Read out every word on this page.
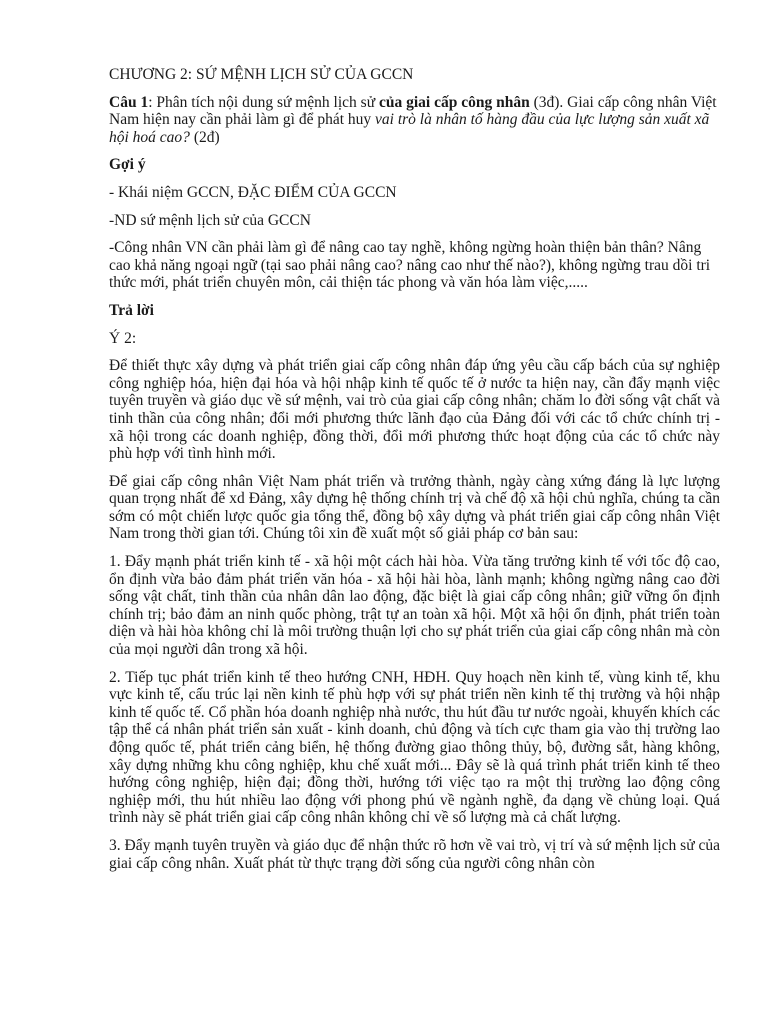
CHƯƠNG 2: SỨ MỆNH LỊCH SỬ CỦA GCCN

Câu 1: Phân tích nội dung sứ mệnh lịch sử của giai cấp công nhân (3đ). Giai cấp công nhân Việt Nam hiện nay cần phải làm gì để phát huy vai trò là nhân tố hàng đầu của lực lượng sản xuất xã hội hoá cao? (2đ)

Gợi ý

- Khái niệm GCCN, ĐẶC ĐIỂM CỦA GCCN

-ND sứ mệnh lịch sử của GCCN

-Công nhân VN cần phải làm gì để nâng cao tay nghề, không ngừng hoàn thiện bản thân? Nâng cao khả năng ngoại ngữ (tại sao phải nâng cao? nâng cao như thế nào?), không ngừng trau dồi tri thức mới, phát triển chuyên môn, cải thiện tác phong và văn hóa làm việc,.....

Trả lời

Ý 2:

Để thiết thực xây dựng và phát triển giai cấp công nhân đáp ứng yêu cầu cấp bách của sự nghiệp công nghiệp hóa, hiện đại hóa và hội nhập kinh tế quốc tế ở nước ta hiện nay, cần đẩy mạnh việc tuyên truyền và giáo dục về sứ mệnh, vai trò của giai cấp công nhân; chăm lo đời sống vật chất và tinh thần của công nhân; đổi mới phương thức lãnh đạo của Đảng đối với các tổ chức chính trị - xã hội trong các doanh nghiệp, đồng thời, đổi mới phương thức hoạt động của các tổ chức này phù hợp với tình hình mới.

Để giai cấp công nhân Việt Nam phát triển và trưởng thành, ngày càng xứng đáng là lực lượng quan trọng nhất để xd Đảng, xây dựng hệ thống chính trị và chế độ xã hội chủ nghĩa, chúng ta cần sớm có một chiến lược quốc gia tổng thể, đồng bộ xây dựng và phát triển giai cấp công nhân Việt Nam trong thời gian tới. Chúng tôi xin đề xuất một số giải pháp cơ bản sau:

1. Đẩy mạnh phát triển kinh tế - xã hội một cách hài hòa. Vừa tăng trưởng kinh tế với tốc độ cao, ổn định vừa bảo đảm phát triển văn hóa - xã hội hài hòa, lành mạnh; không ngừng nâng cao đời sống vật chất, tinh thần của nhân dân lao động, đặc biệt là giai cấp công nhân; giữ vững ổn định chính trị; bảo đảm an ninh quốc phòng, trật tự an toàn xã hội. Một xã hội ổn định, phát triển toàn diện và hài hòa không chỉ là môi trường thuận lợi cho sự phát triển của giai cấp công nhân mà còn của mọi người dân trong xã hội.

2. Tiếp tục phát triển kinh tế theo hướng CNH, HĐH. Quy hoạch nền kinh tế, vùng kinh tế, khu vực kinh tế, cấu trúc lại nền kinh tế phù hợp với sự phát triển nền kinh tế thị trường và hội nhập kinh tế quốc tế. Cổ phần hóa doanh nghiệp nhà nước, thu hút đầu tư nước ngoài, khuyến khích các tập thể cá nhân phát triển sản xuất - kinh doanh, chủ động và tích cực tham gia vào thị trường lao động quốc tế, phát triển cảng biển, hệ thống đường giao thông thủy, bộ, đường sắt, hàng không, xây dựng những khu công nghiệp, khu chế xuất mới... Đây sẽ là quá trình phát triển kinh tế theo hướng công nghiệp, hiện đại; đồng thời, hướng tới việc tạo ra một thị trường lao động công nghiệp mới, thu hút nhiều lao động với phong phú về ngành nghề, đa dạng về chủng loại. Quá trình này sẽ phát triển giai cấp công nhân không chỉ về số lượng mà cả chất lượng.

3. Đẩy mạnh tuyên truyền và giáo dục để nhận thức rõ hơn về vai trò, vị trí và sứ mệnh lịch sử của giai cấp công nhân. Xuất phát từ thực trạng đời sống của người công nhân còn
